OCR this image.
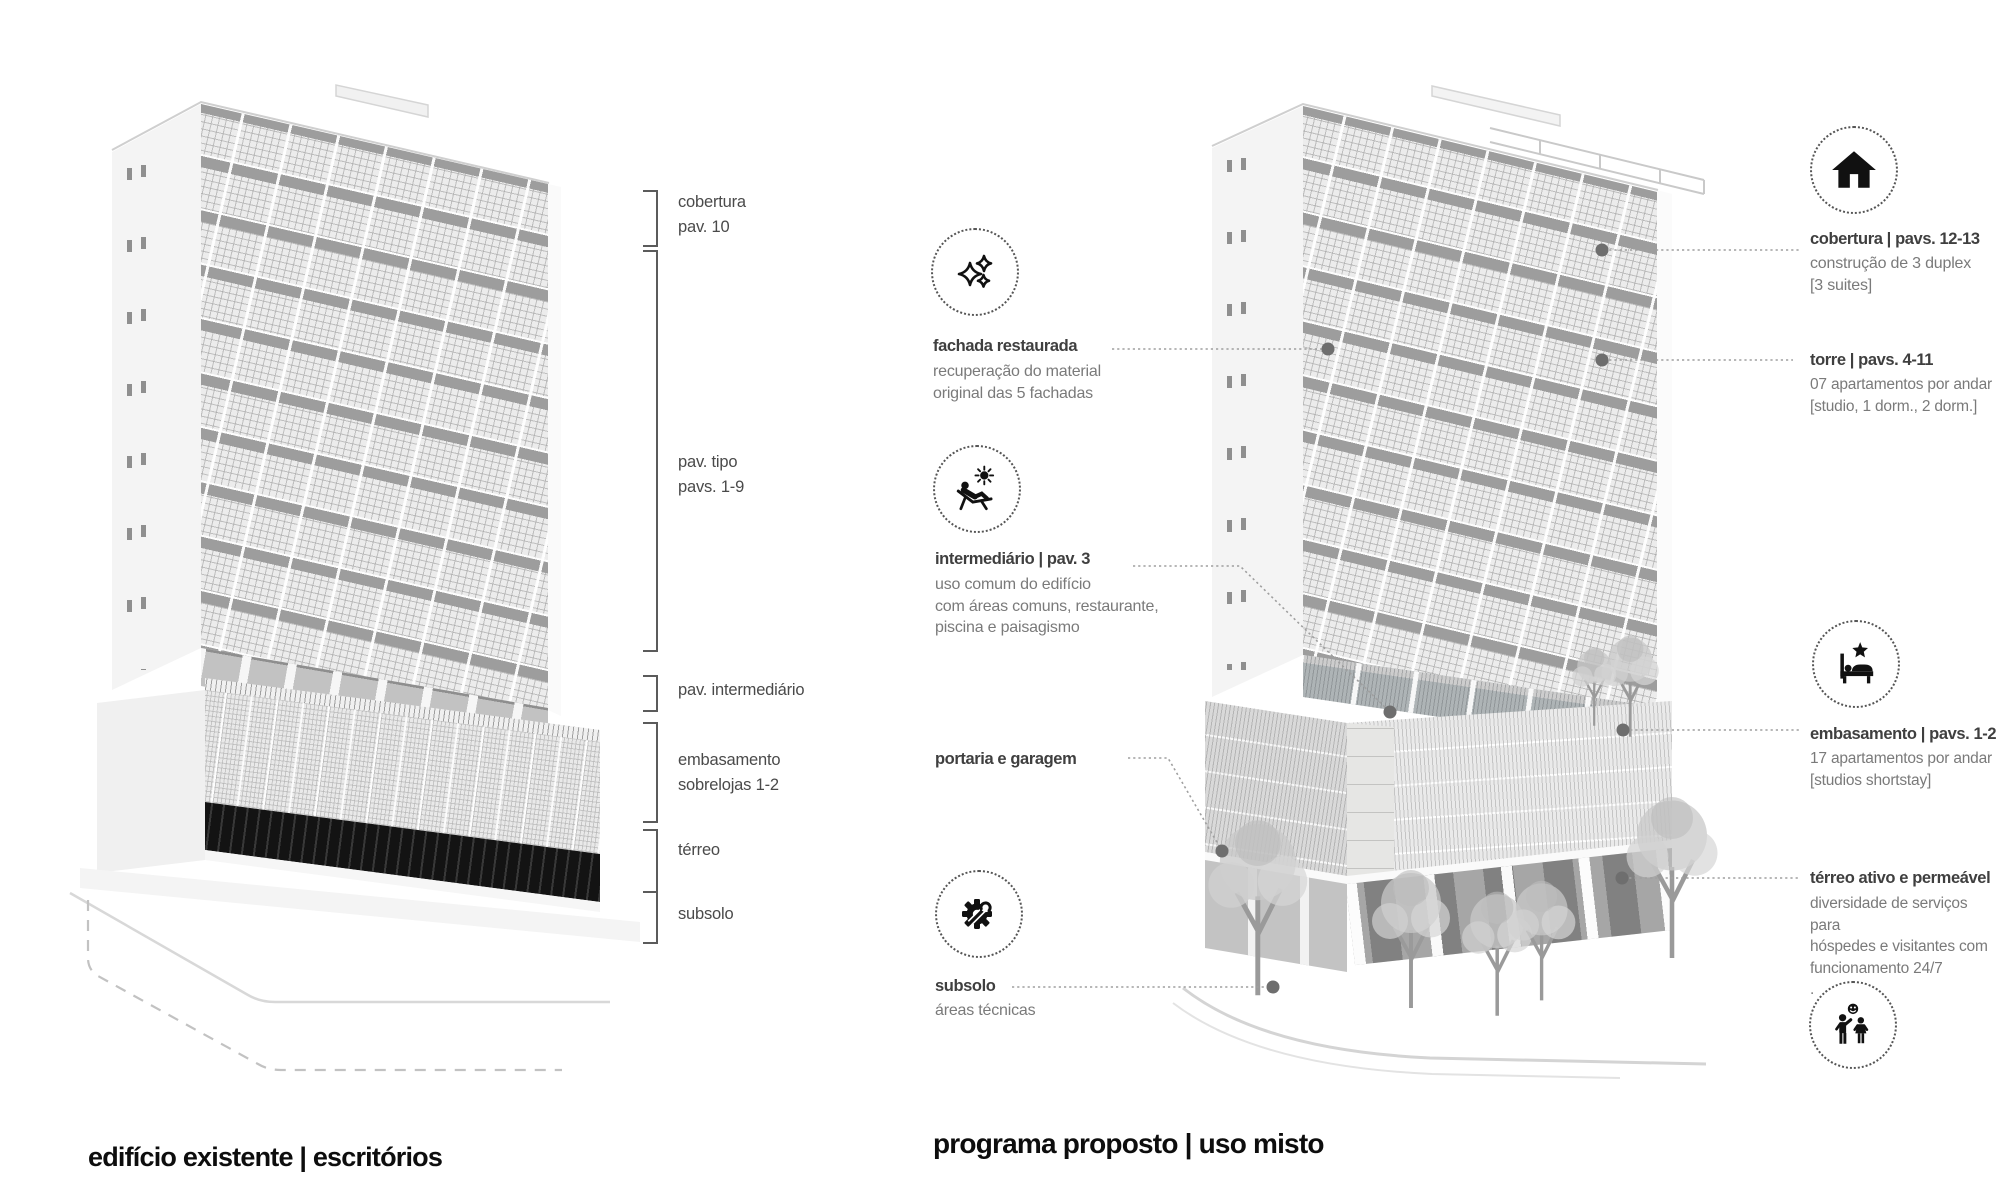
cobertura
pav. 10
pav. tipo
pavs. 1-9
pav. intermediário
embasamento
sobrelojas 1-2
térreo
subsolo
fachada restaurada
recuperação do material
original das 5 fachadas
intermediário | pav. 3
uso comum do edifício
com áreas comuns, restaurante,
piscina e paisagismo
portaria e garagem
subsolo
áreas técnicas
cobertura | pavs. 12-13
construção de 3 duplex
[3 suites]
torre | pavs. 4-11
07 apartamentos por andar
[studio, 1 dorm., 2 dorm.]
embasamento | pavs. 1-2
17 apartamentos por andar
[studios shortstay]
térreo ativo e permeável
diversidade de serviços para
hóspedes e visitantes com
funcionamento 24/7
.
edifício existente | escritórios	programa proposto | uso misto
